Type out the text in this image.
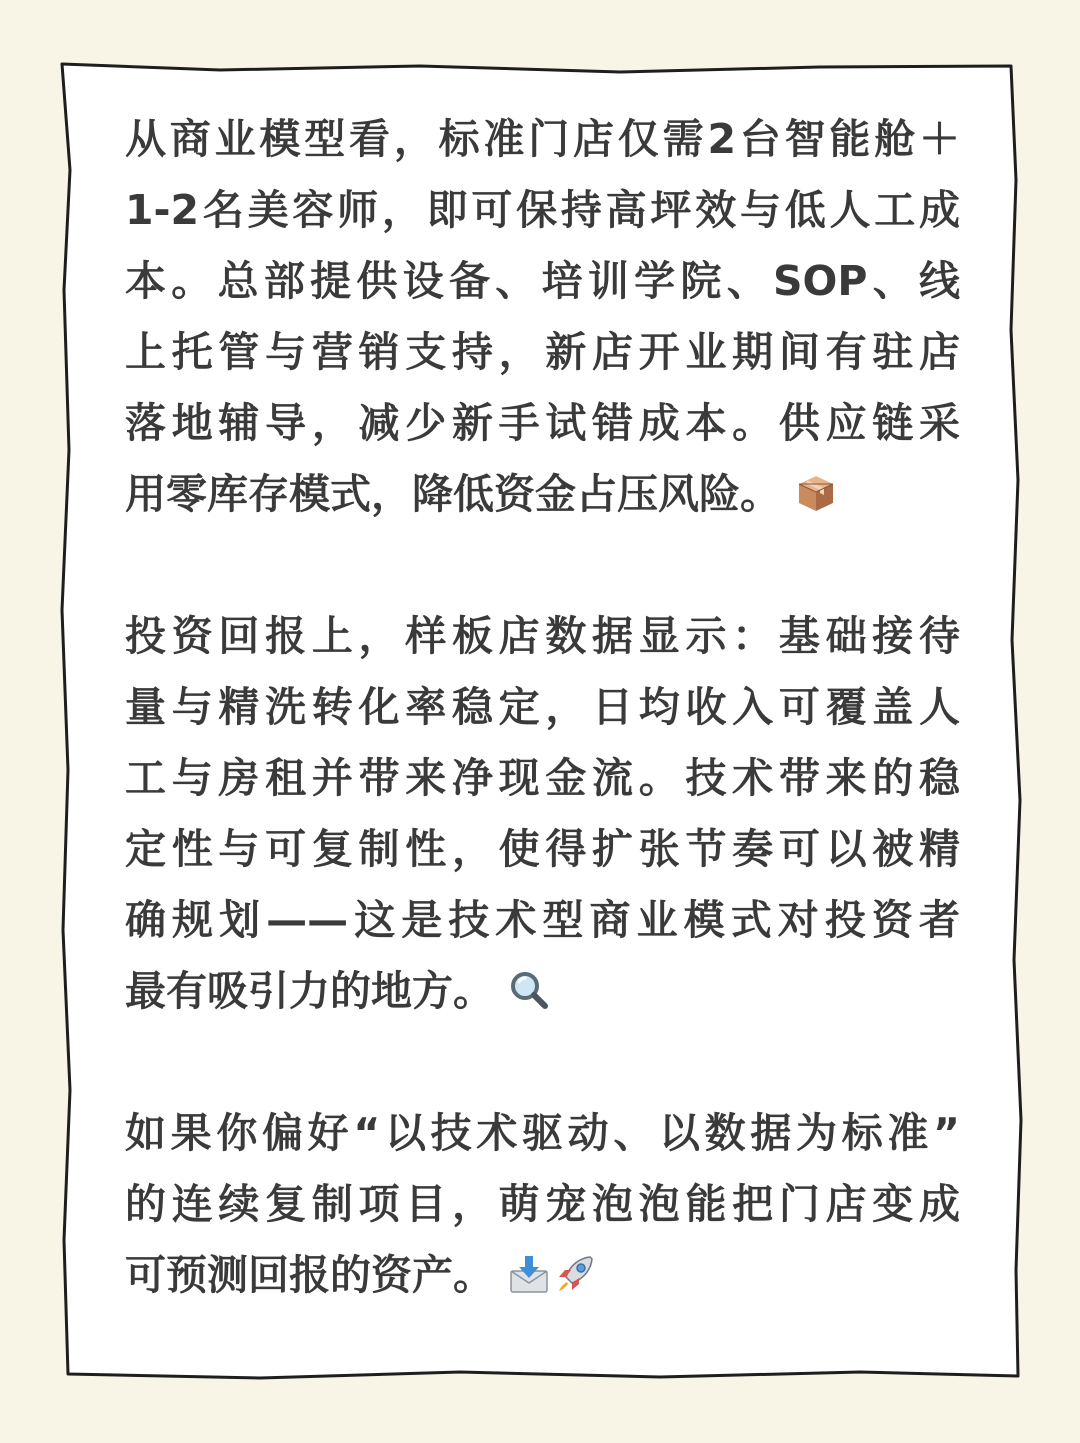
从商业模型看，标准门店仅需2台智能舱＋
1-2名美容师，即可保持高坪效与低人工成
本。总部提供设备、培训学院、SOP、线
上托管与营销支持，新店开业期间有驻店
落地辅导，减少新手试错成本。供应链采
用零库存模式，降低资金占压风险。
投资回报上，样板店数据显示：基础接待
量与精洗转化率稳定，日均收入可覆盖人
工与房租并带来净现金流。技术带来的稳
定性与可复制性，使得扩张节奏可以被精
确规划——这是技术型商业模式对投资者
最有吸引力的地方。
如果你偏好“以技术驱动、以数据为标准”
的连续复制项目，萌宠泡泡能把门店变成
可预测回报的资产。
